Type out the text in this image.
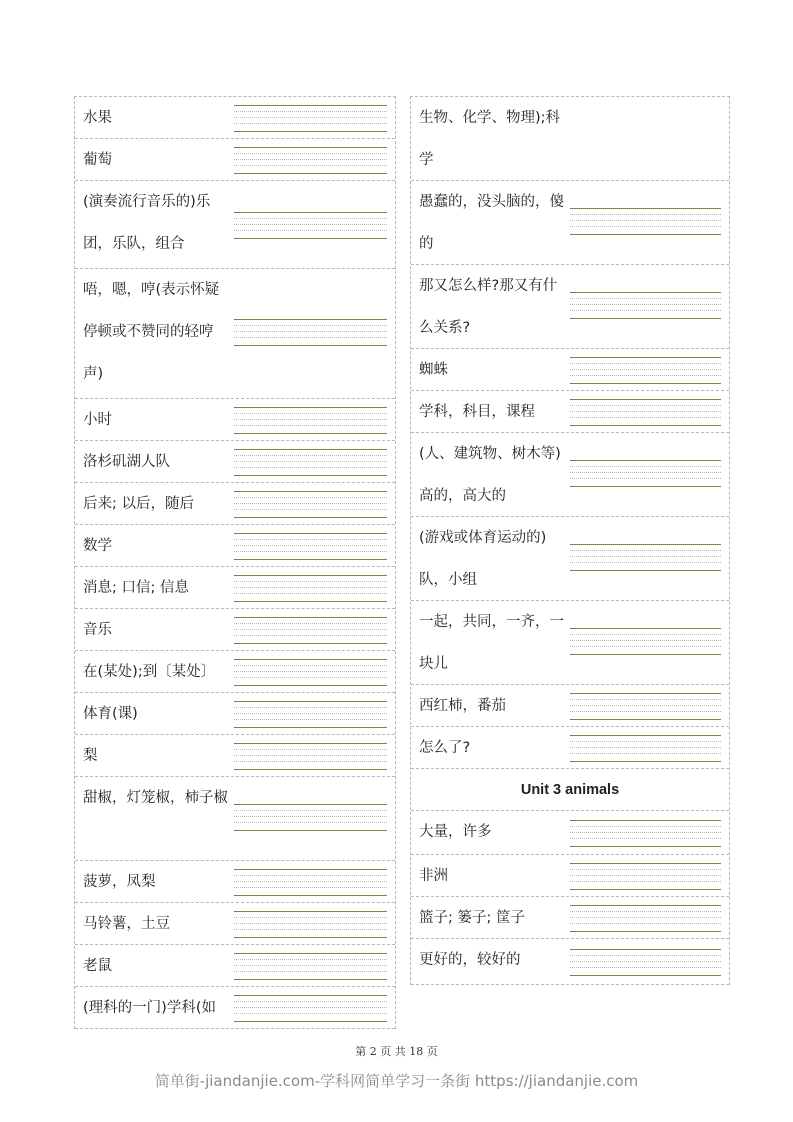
水果
葡萄
(演奏流行音乐的)乐团，乐队，组合
唔，嗯，哼(表示怀疑停顿或不赞同的轻哼声)
小时
洛杉矶湖人队
后来; 以后，随后
数学
消息; 口信; 信息
音乐
在(某处);到〔某处〕
体育(课)
梨
甜椒，灯笼椒，柿子椒
菠萝，凤梨
马铃薯，土豆
老鼠
(理科的一门)学科(如
生物、化学、物理);科学
愚蠢的，没头脑的，傻的
那又怎么样?那又有什么关系?
蜘蛛
学科，科目，课程
(人、建筑物、树木等)高的，高大的
(游戏或体育运动的)队，小组
一起，共同，一齐，一块儿
西红柿，番茄
怎么了?
Unit 3 animals
大量，许多
非洲
篮子; 篓子; 筐子
更好的，较好的
第 2 页 共 18 页
简单街-jiandanjie.com-学科网简单学习一条街 https://jiandanjie.com
